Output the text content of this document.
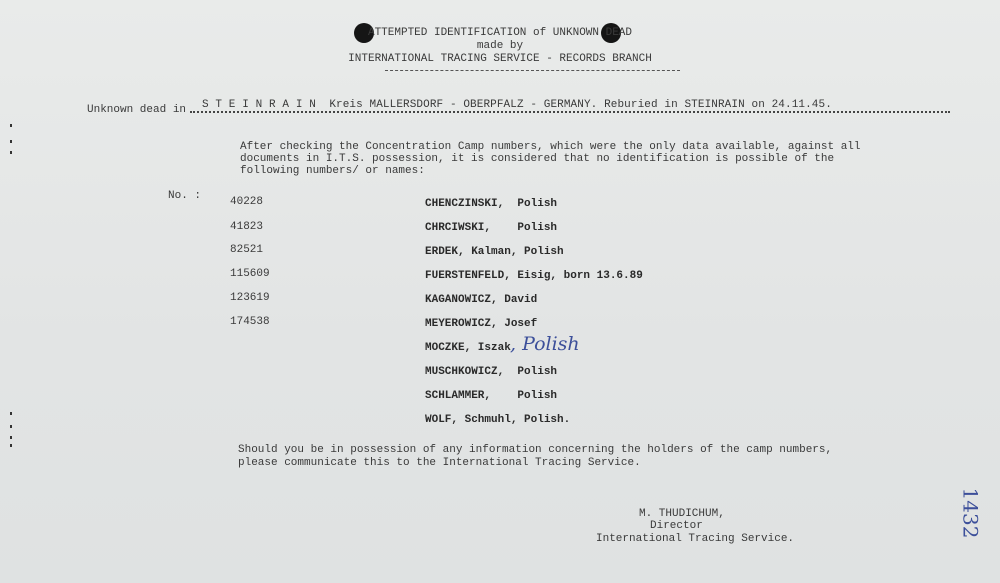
ATTEMPTED IDENTIFICATION of UNKNOWN DEAD
made by
INTERNATIONAL TRACING SERVICE - RECORDS BRANCH
Unknown dead in S T E I N R A I N  Kreis MALLERSDORF - OBERPFALZ - GERMANY. Reburied in STEINRAIN on 24.11.45.
After checking the Concentration Camp numbers, which were the only data available, against all
documents in I.T.S. possession, it is considered that no identification is possible of the
following numbers/ or names:
No. :	40228
41823
82521
115609
123619
174538
CHENCZINSKI,  Polish
CHRCIWSKI,    Polish
ERDEK, Kalman, Polish
FUERSTENFELD, Eisig, born 13.6.89
KAGANOWICZ, David
MEYEROWICZ, Josef
MOCZKE, Iszak , Polish
MUSCHKOWICZ,  Polish
SCHLAMMER,    Polish
WOLF, Schmuhl, Polish.
Should you be in possession of any information concerning the holders of the camp numbers,
please communicate this to the International Tracing Service.
M. THUDICHUM,
Director
International Tracing Service.
1432
